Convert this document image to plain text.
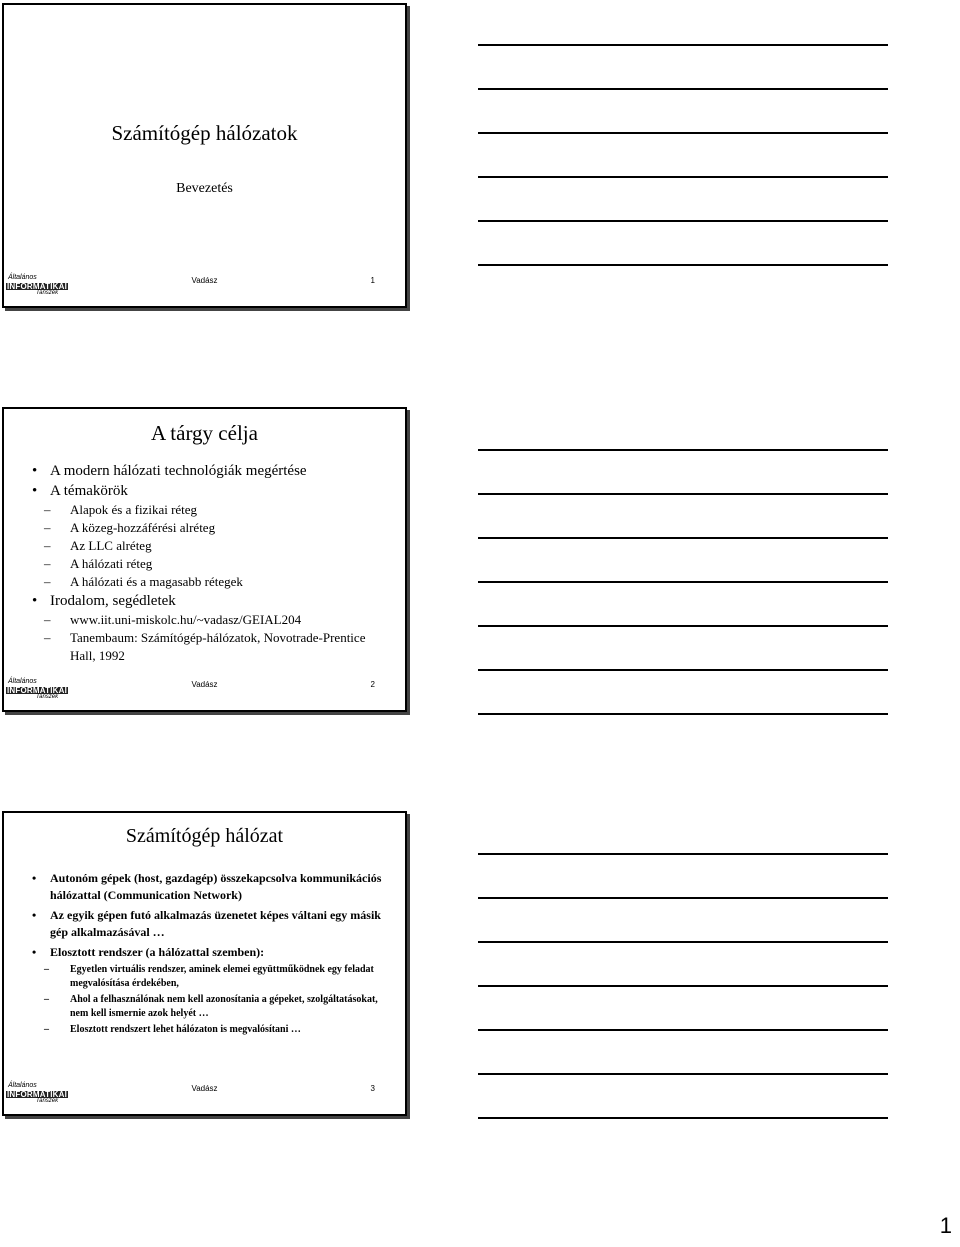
Számítógép hálózatok
Bevezetés
Általános
INFORMATIKAI
Tanszék
Vadász	1
A tárgy célja
• A modern hálózati technológiák megértése
• A témakörök
– Alapok és a fizikai réteg
– A közeg-hozzáférési alréteg
– Az LLC alréteg
– A hálózati réteg
– A hálózati és a magasabb rétegek
• Irodalom, segédletek
– www.iit.uni-miskolc.hu/~vadasz/GEIAL204
– Tanembaum: Számítógép-hálózatok, Novotrade-Prentice Hall, 1992
Általános
INFORMATIKAI
Tanszék
Vadász	2
Számítógép hálózat
• Autonóm gépek (host, gazdagép) összekapcsolva kommunikációs hálózattal (Communication Network)
• Az egyik gépen futó alkalmazás üzenetet képes váltani egy másik gép alkalmazásával …
• Elosztott rendszer (a hálózattal szemben):
– Egyetlen virtuális rendszer, aminek elemei együttműködnek egy feladat megvalósítása érdekében,
– Ahol a felhasználónak nem kell azonosítania a gépeket, szolgáltatásokat, nem kell ismernie azok helyét …
– Elosztott rendszert lehet hálózaton is megvalósítani …
Általános
INFORMATIKAI
Tanszék
Vadász	3
1
